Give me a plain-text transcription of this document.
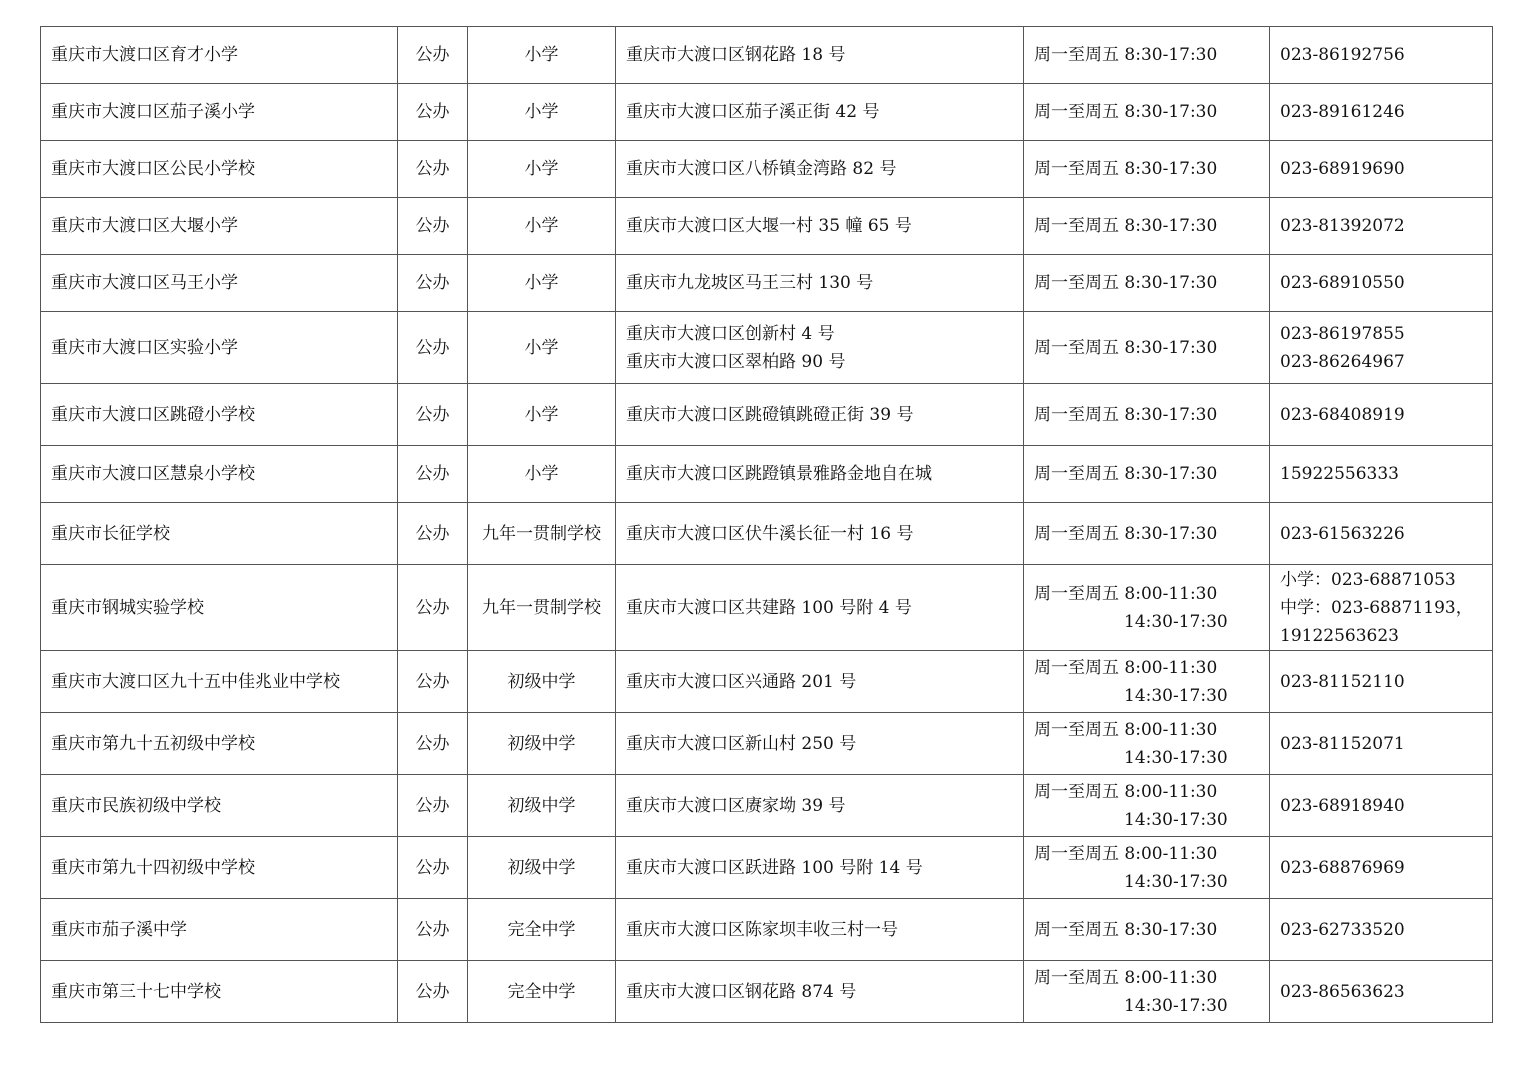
重庆市大渡口区育才小学	公办	小学	重庆市大渡口区钢花路 18 号	周一至周五 8:30-17:30	023-86192756

重庆市大渡口区茄子溪小学	公办	小学	重庆市大渡口区茄子溪正街 42 号	周一至周五 8:30-17:30	023-89161246

重庆市大渡口区公民小学校	公办	小学	重庆市大渡口区八桥镇金湾路 82 号	周一至周五 8:30-17:30	023-68919690

重庆市大渡口区大堰小学	公办	小学	重庆市大渡口区大堰一村 35 幢 65 号	周一至周五 8:30-17:30	023-81392072

重庆市大渡口区马王小学	公办	小学	重庆市九龙坡区马王三村 130 号	周一至周五 8:30-17:30	023-68910550

重庆市大渡口区实验小学	公办	小学	重庆市大渡口区创新村 4 号
重庆市大渡口区翠柏路 90 号	周一至周五 8:30-17:30	023-86197855
023-86264967

重庆市大渡口区跳磴小学校	公办	小学	重庆市大渡口区跳磴镇跳磴正街 39 号	周一至周五 8:30-17:30	023-68408919

重庆市大渡口区慧泉小学校	公办	小学	重庆市大渡口区跳蹬镇景雅路金地自在城	周一至周五 8:30-17:30	15922556333

重庆市长征学校	公办	九年一贯制学校	重庆市大渡口区伏牛溪长征一村 16 号	周一至周五 8:30-17:30	023-61563226

重庆市钢城实验学校	公办	九年一贯制学校	重庆市大渡口区共建路 100 号附 4 号	周一至周五 8:00-11:30
14:30-17:30	小学：023-68871053
中学：023-68871193，
19122563623

重庆市大渡口区九十五中佳兆业中学校	公办	初级中学	重庆市大渡口区兴通路 201 号	周一至周五 8:00-11:30
14:30-17:30	023-81152110

重庆市第九十五初级中学校	公办	初级中学	重庆市大渡口区新山村 250 号	周一至周五 8:00-11:30
14:30-17:30	023-81152071

重庆市民族初级中学校	公办	初级中学	重庆市大渡口区赓家坳 39 号	周一至周五 8:00-11:30
14:30-17:30	023-68918940

重庆市第九十四初级中学校	公办	初级中学	重庆市大渡口区跃进路 100 号附 14 号	周一至周五 8:00-11:30
14:30-17:30	023-68876969

重庆市茄子溪中学	公办	完全中学	重庆市大渡口区陈家坝丰收三村一号	周一至周五 8:30-17:30	023-62733520

重庆市第三十七中学校	公办	完全中学	重庆市大渡口区钢花路 874 号	周一至周五 8:00-11:30
14:30-17:30	023-86563623
